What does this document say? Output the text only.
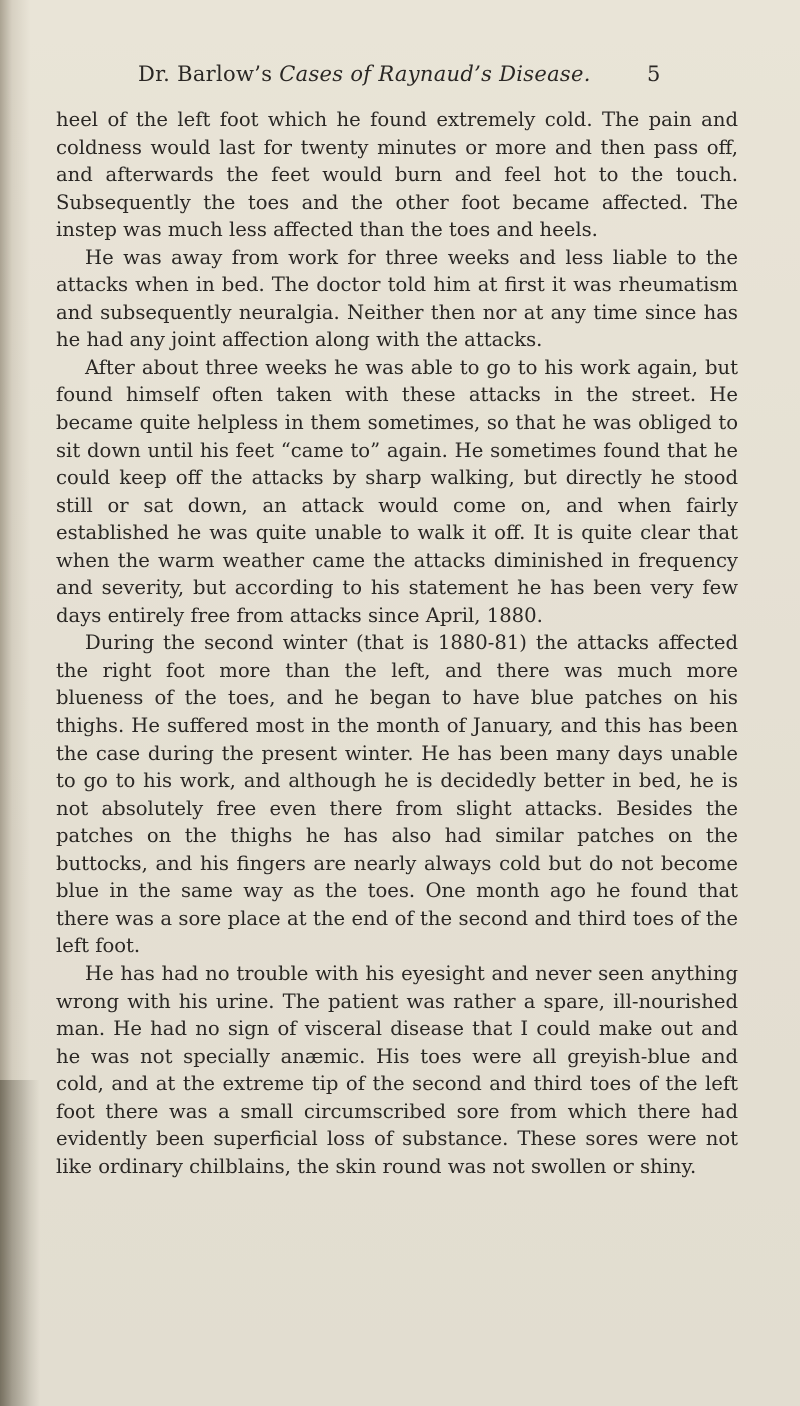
Dr. Barlow’s Cases of Raynaud’s Disease.	5

heel of the left foot which he found extremely cold. The pain and coldness would last for twenty minutes or more and then pass off, and afterwards the feet would burn and feel hot to the touch. Subsequently the toes and the other foot became affected. The instep was much less affected than the toes and heels.

He was away from work for three weeks and less liable to the attacks when in bed. The doctor told him at first it was rheumatism and subsequently neuralgia. Neither then nor at any time since has he had any joint affection along with the attacks.

After about three weeks he was able to go to his work again, but found himself often taken with these attacks in the street. He became quite helpless in them sometimes, so that he was obliged to sit down until his feet “came to” again. He sometimes found that he could keep off the attacks by sharp walking, but directly he stood still or sat down, an attack would come on, and when fairly established he was quite unable to walk it off. It is quite clear that when the warm weather came the attacks diminished in frequency and severity, but according to his statement he has been very few days entirely free from attacks since April, 1880.

During the second winter (that is 1880-81) the attacks affected the right foot more than the left, and there was much more blueness of the toes, and he began to have blue patches on his thighs. He suffered most in the month of January, and this has been the case during the present winter. He has been many days unable to go to his work, and although he is decidedly better in bed, he is not absolutely free even there from slight attacks. Besides the patches on the thighs he has also had similar patches on the buttocks, and his fingers are nearly always cold but do not become blue in the same way as the toes. One month ago he found that there was a sore place at the end of the second and third toes of the left foot.

He has had no trouble with his eyesight and never seen anything wrong with his urine. The patient was rather a spare, ill-nourished man. He had no sign of visceral disease that I could make out and he was not specially anæmic. His toes were all greyish-blue and cold, and at the extreme tip of the second and third toes of the left foot there was a small circumscribed sore from which there had evidently been superficial loss of substance. These sores were not like ordinary chilblains, the skin round was not swollen or shiny.
